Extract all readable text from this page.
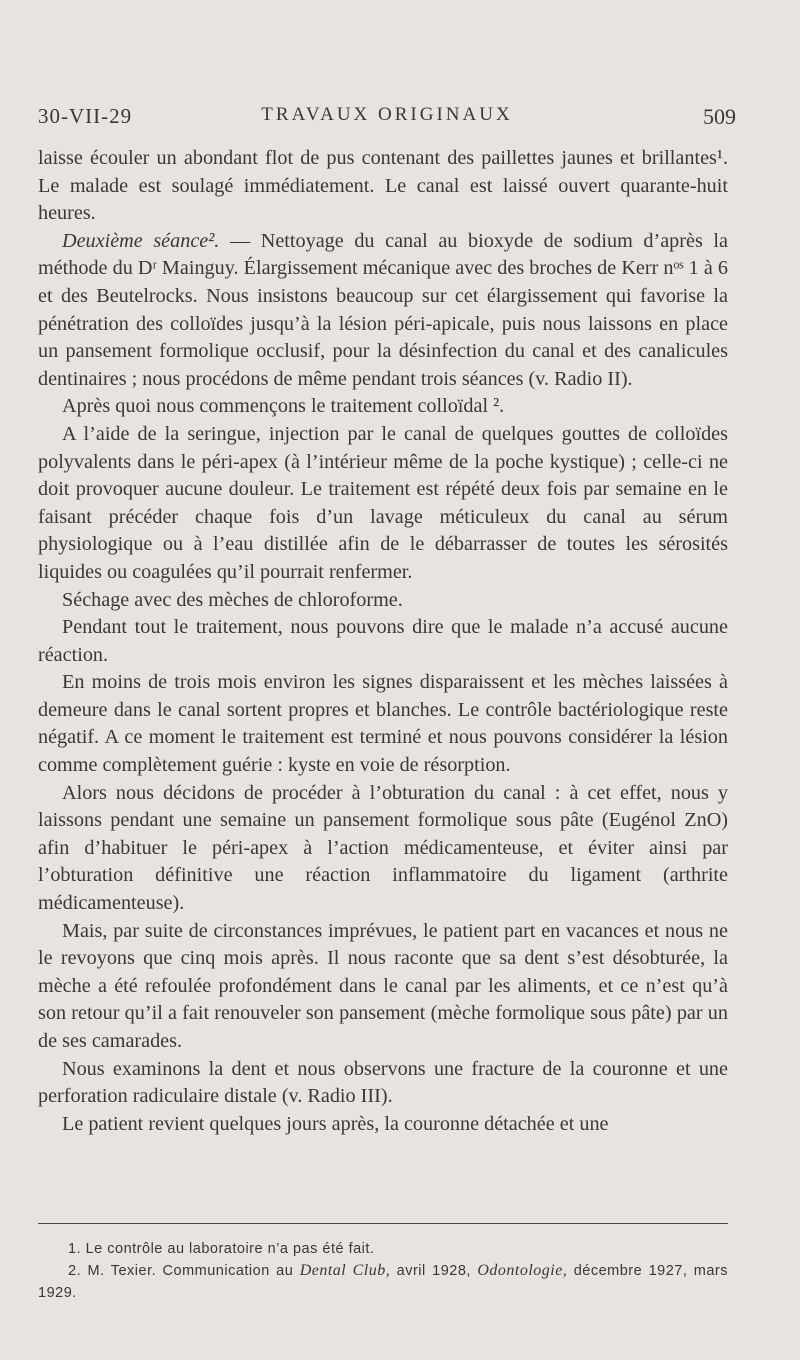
30-VII-29	TRAVAUX ORIGINAUX	509

laisse écouler un abondant flot de pus contenant des paillettes jaunes et brillantes¹. Le malade est soulagé immédiatement. Le canal est laissé ouvert quarante-huit heures.

Deuxième séance². — Nettoyage du canal au bioxyde de sodium d’après la méthode du Dʳ Mainguy. Élargissement mécanique avec des broches de Kerr nᵒˢ 1 à 6 et des Beutelrocks. Nous insistons beaucoup sur cet élargissement qui favorise la pénétration des colloïdes jusqu’à la lésion péri-apicale, puis nous laissons en place un pansement formolique occlusif, pour la désinfection du canal et des canalicules dentinaires ; nous procédons de même pendant trois séances (v. Radio II).

Après quoi nous commençons le traitement colloïdal ².

A l’aide de la seringue, injection par le canal de quelques gouttes de colloïdes polyvalents dans le péri-apex (à l’intérieur même de la poche kystique) ; celle-ci ne doit provoquer aucune douleur. Le traitement est répété deux fois par semaine en le faisant précéder chaque fois d’un lavage méticuleux du canal au sérum physiologique ou à l’eau distillée afin de le débarrasser de toutes les sérosités liquides ou coagulées qu’il pourrait renfermer.

Séchage avec des mèches de chloroforme.

Pendant tout le traitement, nous pouvons dire que le malade n’a accusé aucune réaction.

En moins de trois mois environ les signes disparaissent et les mèches laissées à demeure dans le canal sortent propres et blanches. Le contrôle bactériologique reste négatif. A ce moment le traitement est terminé et nous pouvons considérer la lésion comme complètement guérie : kyste en voie de résorption.

Alors nous décidons de procéder à l’obturation du canal : à cet effet, nous y laissons pendant une semaine un pansement formolique sous pâte (Eugénol ZnO) afin d’habituer le péri-apex à l’action médicamenteuse, et éviter ainsi par l’obturation définitive une réaction inflammatoire du ligament (arthrite médicamenteuse).

Mais, par suite de circonstances imprévues, le patient part en vacances et nous ne le revoyons que cinq mois après. Il nous raconte que sa dent s’est désobturée, la mèche a été refoulée profondément dans le canal par les aliments, et ce n’est qu’à son retour qu’il a fait renouveler son pansement (mèche formolique sous pâte) par un de ses camarades.

Nous examinons la dent et nous observons une fracture de la couronne et une perforation radiculaire distale (v. Radio III).

Le patient revient quelques jours après, la couronne détachée et une

1. Le contrôle au laboratoire n’a pas été fait.

2. M. Texier. Communication au Dental Club, avril 1928, Odontologie, décembre 1927, mars 1929.
